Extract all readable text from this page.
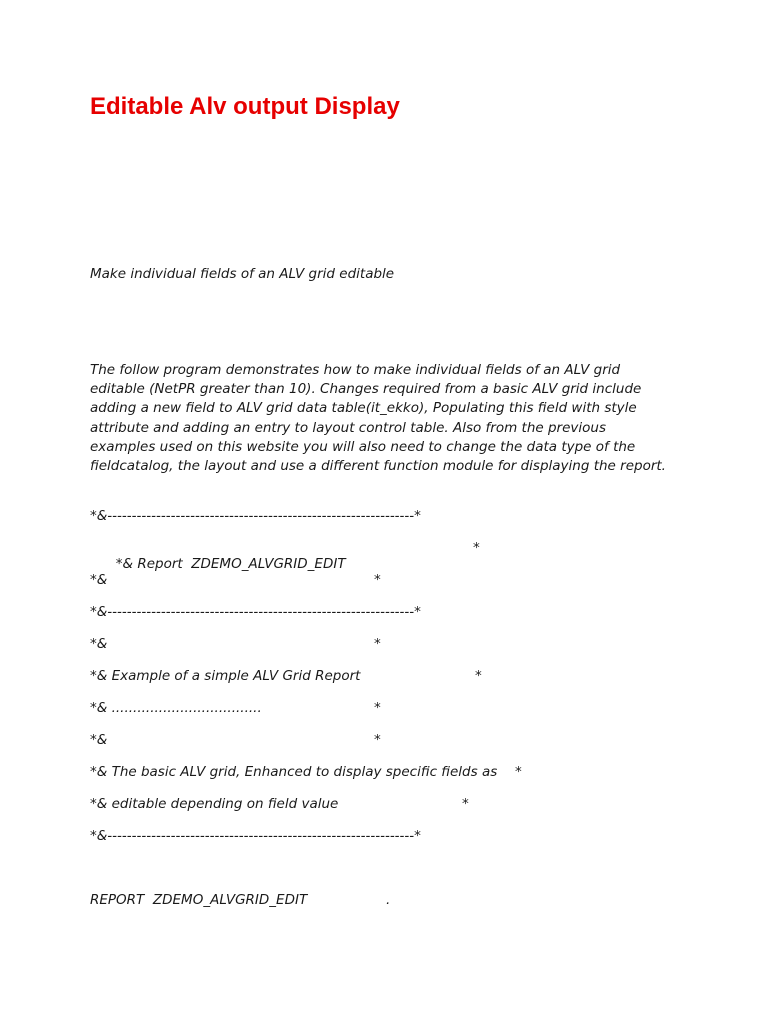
Editable Alv output Display

Make individual fields of an ALV grid editable

The follow program demonstrates how to make individual fields of an ALV grid editable (NetPR greater than 10). Changes required from a basic ALV grid include adding a new field to ALV grid data table(it_ekko), Populating this field with style attribute and adding an entry to layout control table. Also from the previous examples used on this website you will also need to change the data type of the fieldcatalog, the layout and use a different function module for displaying the report.

*&---------------------------------------------------------------*

*& Report  ZDEMO_ALVGRID_EDIT

*

*&	*

*&---------------------------------------------------------------*

*&	*

*& Example of a simple ALV Grid Report	*

*& ...................................	*

*&	*

*& The basic ALV grid, Enhanced to display specific fields as *

*& editable depending on field value	*

*&---------------------------------------------------------------*

REPORT  ZDEMO_ALVGRID_EDIT	.
